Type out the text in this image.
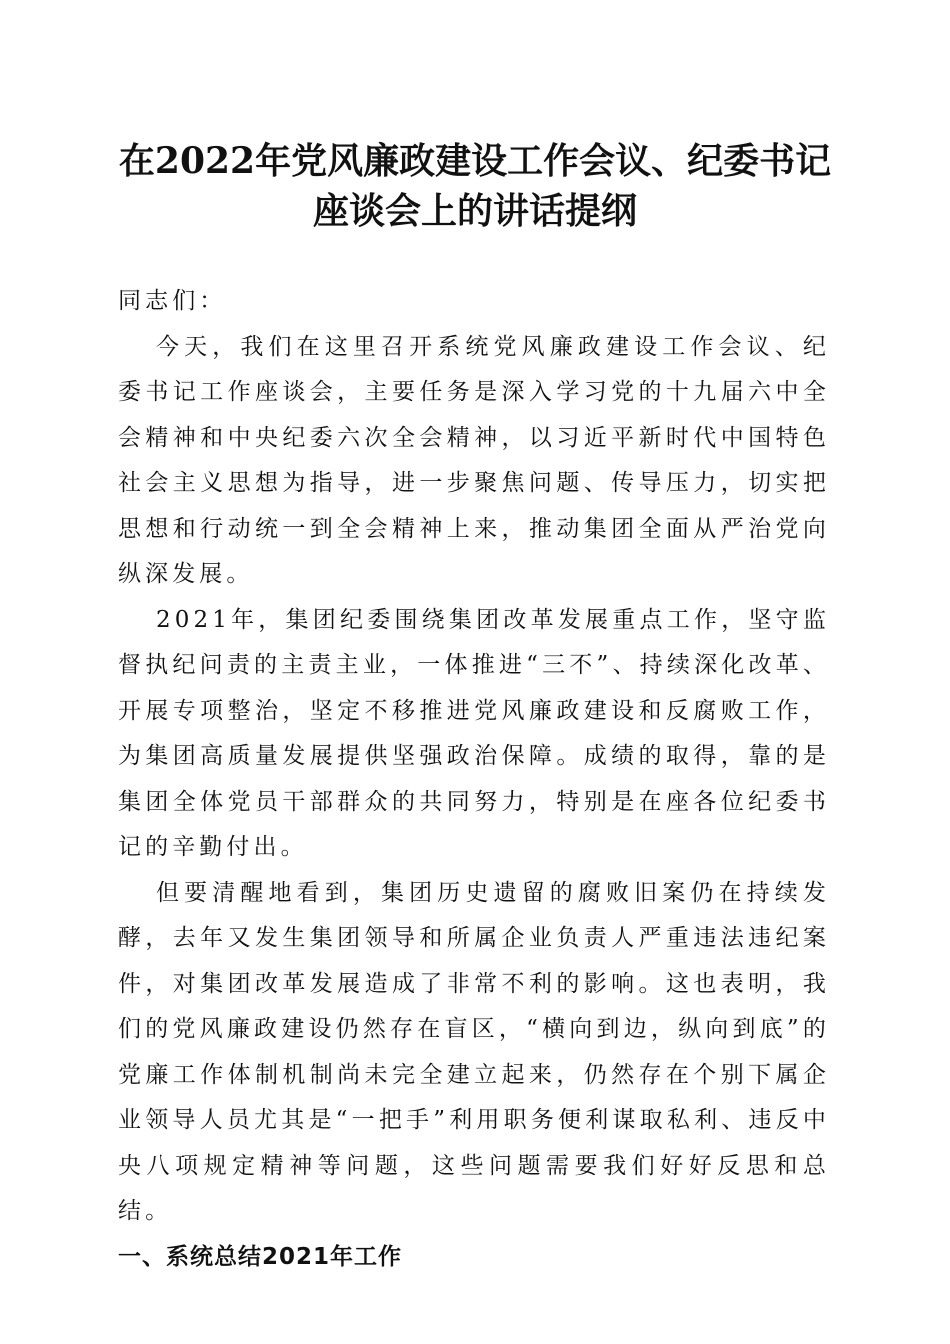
在2022年党风廉政建设工作会议、纪委书记
座谈会上的讲话提纲

同志们：

今天，我们在这里召开系统党风廉政建设工作会议、纪委书记工作座谈会，主要任务是深入学习党的十九届六中全会精神和中央纪委六次全会精神，以习近平新时代中国特色社会主义思想为指导，进一步聚焦问题、传导压力，切实把思想和行动统一到全会精神上来，推动集团全面从严治党向纵深发展。

2021年，集团纪委围绕集团改革发展重点工作，坚守监督执纪问责的主责主业，一体推进“三不”、持续深化改革、开展专项整治，坚定不移推进党风廉政建设和反腐败工作，为集团高质量发展提供坚强政治保障。成绩的取得，靠的是集团全体党员干部群众的共同努力，特别是在座各位纪委书记的辛勤付出。

但要清醒地看到，集团历史遗留的腐败旧案仍在持续发酵，去年又发生集团领导和所属企业负责人严重违法违纪案件，对集团改革发展造成了非常不利的影响。这也表明，我们的党风廉政建设仍然存在盲区，“横向到边，纵向到底”的党廉工作体制机制尚未完全建立起来，仍然存在个别下属企业领导人员尤其是“一把手”利用职务便利谋取私利、违反中央八项规定精神等问题，这些问题需要我们好好反思和总结。

一、系统总结2021年工作
